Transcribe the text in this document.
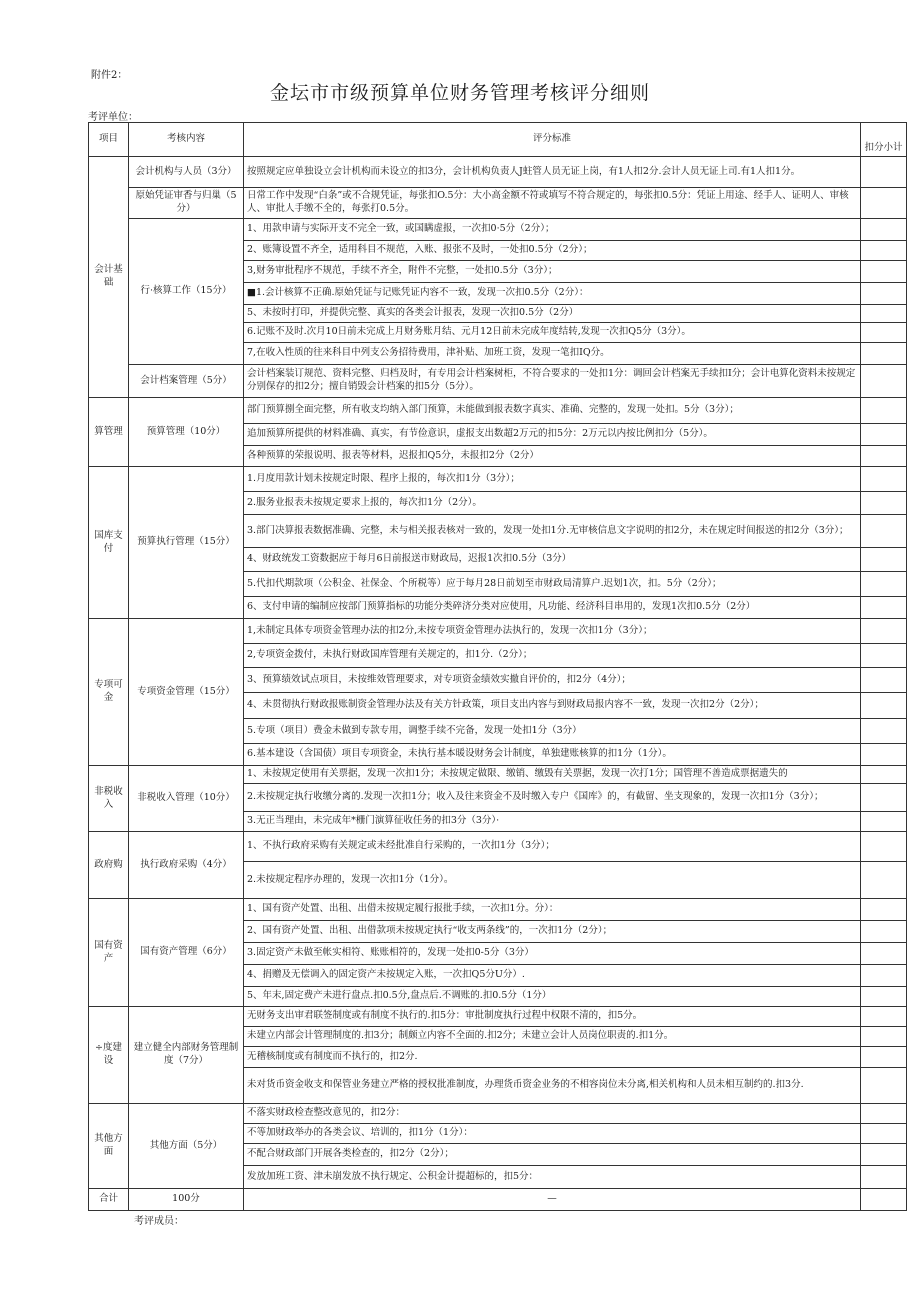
附件2：
金坛市市级预算单位财务管理考核评分细则
考评单位：
项目	考核内容	评分标准	扣分小计
会计基础	会计机构与人员（3分）	按照规定应单独设立会计机构而未设立的扣3分，会计机构负责人J蛀管人员无证上岗，有1人扣2分.会计人员无证上司.有1人扣1分。	
	原始凭证审香与归巢（5分）	日常工作中发现“白条”或不合规凭证，每张扣O.5分：大小高金额不符或填写不符合规定的，每张扣0.5分：凭证上用途、经手人、证明人、审核人、审批人手缴不全的，每张打0.5分。	
	行·核算工作（15分）	1、用款申请与实际开支不完全一致，或国瞒虚报，一次扣0·5分（2分）；	
		2、账簿设置不齐全，适用科目不规范，入账、报张不及时，一处扣0.5分（2分）；	
		3,财务审批程序不规范，手续不齐全，附件不完整，一处扣0.5分（3分）；	
		■1.会计核算不正确.原始凭证与记账凭证内容不一致，发现一次扣0.5分（2分）：	
		5、未按时打印，并提供完整、真实的各类会计报表，发现一次扣0.5分（2分）	
		6.记账不及时.次月10日前未完成上月财务账月结、元月12日前未完成年度结转,发现一次扣Q5分（3分）。	
		7,在收入性质的往来科目中列支公务招待费用，津补贴、加班工资，发现一笔扣IQ分。	
	会计档案管理（5分）	会计档案装订规范、资料完整、归档及时，有专用会计档案树柜，不符合要求的一处扣1分：调回会计档案无手续扣I分；会计电算化资料未按规定分别保存的扣2分；擅自销毁会计档案的扣5分（5分）。	
算管理	预算管理（10分）	部门预算捌全面完整，所有收支均纳入部门预算，未能做到报表数字真实、准确、完整的，发现一处扣。5分（3分）；	
		追加预算所提供的材料准确、真实，有节俭意识，虚报支出数超2万元的扣5分：2万元以内按比例扣分（5分）。	
		各种预算的荣报说明、报表等材料，迟报扣Q5分，未报扣2分（2分）	
国库支付	预算执行管理（15分）	1.月度用款计划未按规定时限、程序上报的，每次扣1分（3分）；	
		2.服务业报表未按规定要求上报的，每次扣1分（2分）。	
		3.部门决算报表数据准确、完整，未与相关报表核对一致的，发现一处扣1分.无审核信息文字说明的扣2分，未在规定时间报送的扣2分（3分）；	
		4、财政统发工资数据应于每月6日前报送市财政局，迟报1次扣0.5分（3分）	
		5.代扣代期款项（公积金、社保金、个所税等）应于每月28日前划至市财政局清算户.迟划1次，扣。5分（2分）；	
		6、支付申请的编制应按部门预算指标的功能分类碎济分类对应使用，凡功能、经济科目串用的，发现1次扣0.5分（2分）	
专项可金	专项资金管理（15分）	1,未制定具体专项资金管理办法的扣2分,未按专项资金管理办法执行的，发现一次扣1分（3分）；	
		2,专项资金拨付，未执行财政国库管理有关规定的，扣1分.（2分）；	
		3、预算绩效试点项目，未按维效管理要求，对专项资金绩效实撤自评价的，扣2分（4分）；	
		4、未贯彻执行财政报账制资金管理办法及有关方针政策，项目支出内容与到财政局报内容不一致，发现一次扣2分（2分）；	
		5.专项（项目）费金未做到专款专用，调整手续不完备，发现一处扣1分（3分）	
		6.基本建设（含国债）项目专项资金，未执行基本暖设财务会计制度，单独建账核算的扣1分（1分）。	
非税收入	非税收入管理（10分）	1、未按规定使用有关票据，发现一次扣1分；未按规定做限、缴销、缴毁有关票据，发现一次打1分；国管理不善造成票据遗失的	
		2.未按规定执行收缴分离的.发现一次扣1分；收入及往来资金不及时缴入专户《国库》的，有截留、坐支现象的，发现一次扣1分（3分）；	
		3.无正当理由，未完成年*栅门演算征收任务的扣3分（3分）·	
政府购	执行政府采购（4分）	1、不执行政府采购有关规定或未经批准自行采购的，一次扣1分（3分）；	
		2.未按规定程序办理的，发现一次扣1分（1分）。	
国有资产	国有资产管理（6分）	1、国有资产处置、出租、出借未按规定履行报批手续，一次扣1分。分）：	
		2、国有资产处置、出租、出借款项未按规定执行“收支两条线”的，一次扣1分（2分）；	
		3.固定资产未做至帐实相符、账账相符的，发现一处扣0-5分（3分）	
		4、捐赠及无偿调入的固定资产未按规定入账，一次扣Q5分U分）.	
		5、年末,固定费产未进行盘点.扣0.5分,盘点后.不调账的.扣0.5分（1分）	
÷度建设	建立健全内部财务管理制度（7分）	无财务支出审君联签制度或有制度不执行的.扣5分：审批制度执行过程中权限不清的，扣5分。	
		未建立内部会计管理制度的.扣3分；制颇立内容不全面的.扣2分；未建立会计人员岗位职责的.扣1分。	
		无稽核制度或有制度而不执行的，扣2分.	
		未对货币资金收支和保管业务建立严格的授权批准制度，办理货币资金业务的不相容岗位未分离,相关机构和人员未相互制约的.扣3分.	
其他方面	其他方面（5分）	不落实财政检查整改意见的，扣2分：	
		不等加财政举办的各类会议、培训的，扣1分（1分）：	
		不配合财政部门开展各类检查的，扣2分（2分）；	
		发放加班工资、津未崩发放不执行规定、公积金计提超标的，扣5分：	
合计	100分	—	
考评成员：
